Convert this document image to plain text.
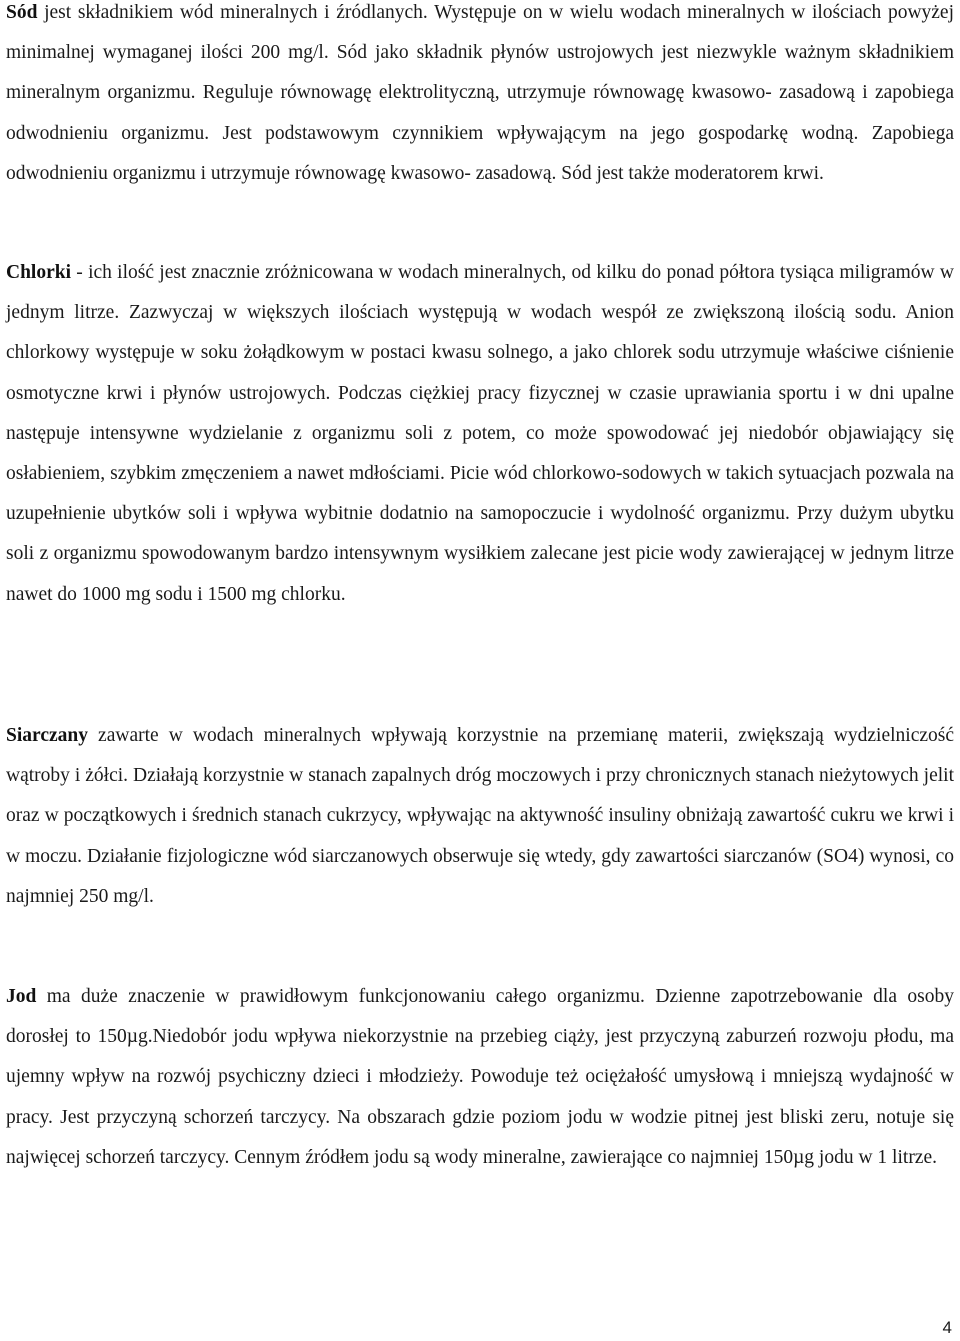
Sód jest składnikiem wód mineralnych i źródlanych. Występuje on w wielu wodach mineralnych w ilościach powyżej minimalnej wymaganej ilości 200 mg/l. Sód jako składnik płynów ustrojowych jest niezwykle ważnym składnikiem mineralnym organizmu. Reguluje równowagę elektrolityczną, utrzymuje równowagę kwasowo- zasadową i zapobiega odwodnieniu organizmu. Jest podstawowym czynnikiem wpływającym na jego gospodarkę wodną. Zapobiega odwodnieniu organizmu i utrzymuje równowagę kwasowo- zasadową. Sód jest także moderatorem krwi.

Chlorki - ich ilość jest znacznie zróżnicowana w wodach mineralnych, od kilku do ponad półtora tysiąca miligramów w jednym litrze. Zazwyczaj w większych ilościach występują w wodach wespół ze zwiększoną ilością sodu. Anion chlorkowy występuje w soku żołądkowym w postaci kwasu solnego, a jako chlorek sodu utrzymuje właściwe ciśnienie osmotyczne krwi i płynów ustrojowych. Podczas ciężkiej pracy fizycznej w czasie uprawiania sportu i w dni upalne następuje intensywne wydzielanie z organizmu soli z potem, co może spowodować jej niedobór objawiający się osłabieniem, szybkim zmęczeniem a nawet mdłościami. Picie wód chlorkowo-sodowych w takich sytuacjach pozwala na uzupełnienie ubytków soli i wpływa wybitnie dodatnio na samopoczucie i wydolność organizmu. Przy dużym ubytku soli z organizmu spowodowanym bardzo intensywnym wysiłkiem zalecane jest picie wody zawierającej w jednym litrze nawet do 1000 mg sodu i 1500 mg chlorku.

Siarczany zawarte w wodach mineralnych wpływają korzystnie na przemianę materii, zwiększają wydzielniczość wątroby i żółci. Działają korzystnie w stanach zapalnych dróg moczowych i przy chronicznych stanach nieżytowych jelit oraz w początkowych i średnich stanach cukrzycy, wpływając na aktywność insuliny obniżają zawartość cukru we krwi i w moczu. Działanie fizjologiczne wód siarczanowych obserwuje się wtedy, gdy zawartości siarczanów (SO4) wynosi, co najmniej 250 mg/l.

Jod ma duże znaczenie w prawidłowym funkcjonowaniu całego organizmu. Dzienne zapotrzebowanie dla osoby dorosłej to 150µg.Niedobór jodu wpływa niekorzystnie na przebieg ciąży, jest przyczyną zaburzeń rozwoju płodu, ma ujemny wpływ na rozwój psychiczny dzieci i młodzieży. Powoduje też ociężałość umysłową i mniejszą wydajność w pracy. Jest przyczyną schorzeń tarczycy. Na obszarach gdzie poziom jodu w wodzie pitnej jest bliski zeru, notuje się najwięcej schorzeń tarczycy. Cennym źródłem jodu są wody mineralne, zawierające co najmniej 150µg jodu w 1 litrze.

4
